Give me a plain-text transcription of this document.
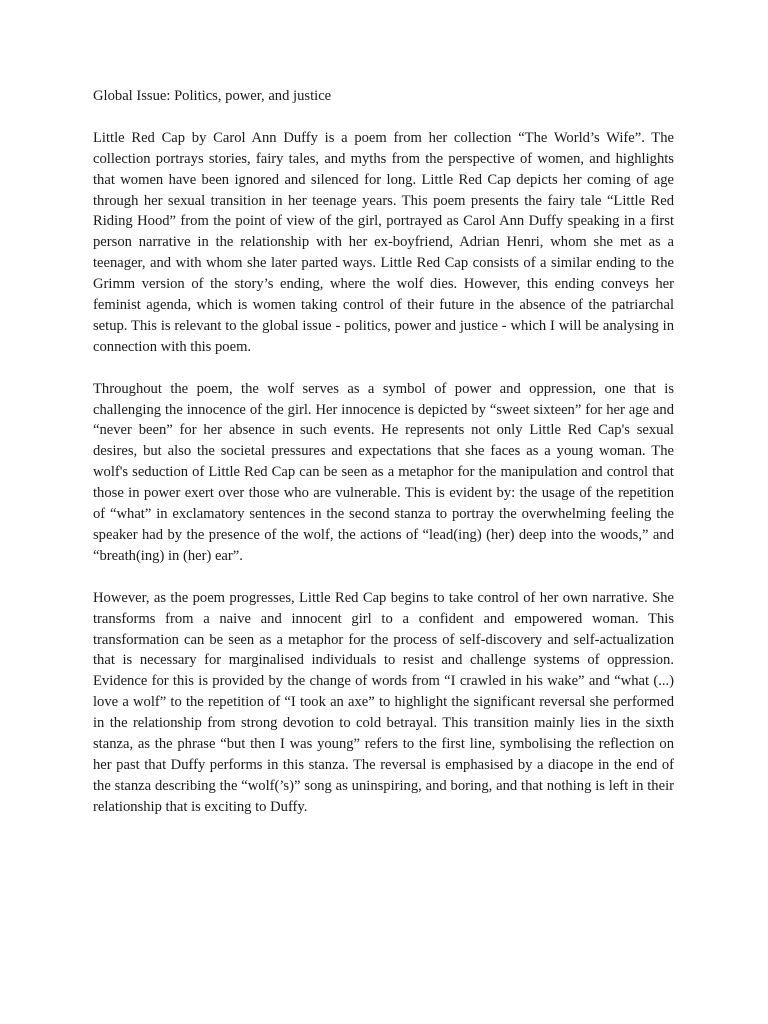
Global Issue: Politics, power, and justice

Little Red Cap by Carol Ann Duffy is a poem from her collection “The World’s Wife”. The collection portrays stories, fairy tales, and myths from the perspective of women, and highlights that women have been ignored and silenced for long. Little Red Cap depicts her coming of age through her sexual transition in her teenage years. This poem presents the fairy tale “Little Red Riding Hood” from the point of view of the girl, portrayed as Carol Ann Duffy speaking in a first person narrative in the relationship with her ex-boyfriend, Adrian Henri, whom she met as a teenager, and with whom she later parted ways. Little Red Cap consists of a similar ending to the Grimm version of the story’s ending, where the wolf dies. However, this ending conveys her feminist agenda, which is women taking control of their future in the absence of the patriarchal setup. This is relevant to the global issue - politics, power and justice - which I will be analysing in connection with this poem.

Throughout the poem, the wolf serves as a symbol of power and oppression, one that is challenging the innocence of the girl. Her innocence is depicted by “sweet sixteen” for her age and “never been” for her absence in such events. He represents not only Little Red Cap's sexual desires, but also the societal pressures and expectations that she faces as a young woman. The wolf's seduction of Little Red Cap can be seen as a metaphor for the manipulation and control that those in power exert over those who are vulnerable. This is evident by: the usage of the repetition of “what” in exclamatory sentences in the second stanza to portray the overwhelming feeling the speaker had by the presence of the wolf, the actions of “lead(ing) (her) deep into the woods,” and “breath(ing) in (her) ear”.

However, as the poem progresses, Little Red Cap begins to take control of her own narrative. She transforms from a naive and innocent girl to a confident and empowered woman. This transformation can be seen as a metaphor for the process of self-discovery and self-actualization that is necessary for marginalised individuals to resist and challenge systems of oppression. Evidence for this is provided by the change of words from “I crawled in his wake” and “what (...) love a wolf” to the repetition of “I took an axe” to highlight the significant reversal she performed in the relationship from strong devotion to cold betrayal. This transition mainly lies in the sixth stanza, as the phrase “but then I was young” refers to the first line, symbolising the reflection on her past that Duffy performs in this stanza. The reversal is emphasised by a diacope in the end of the stanza describing the “wolf(’s)” song as uninspiring, and boring, and that nothing is left in their relationship that is exciting to Duffy.
